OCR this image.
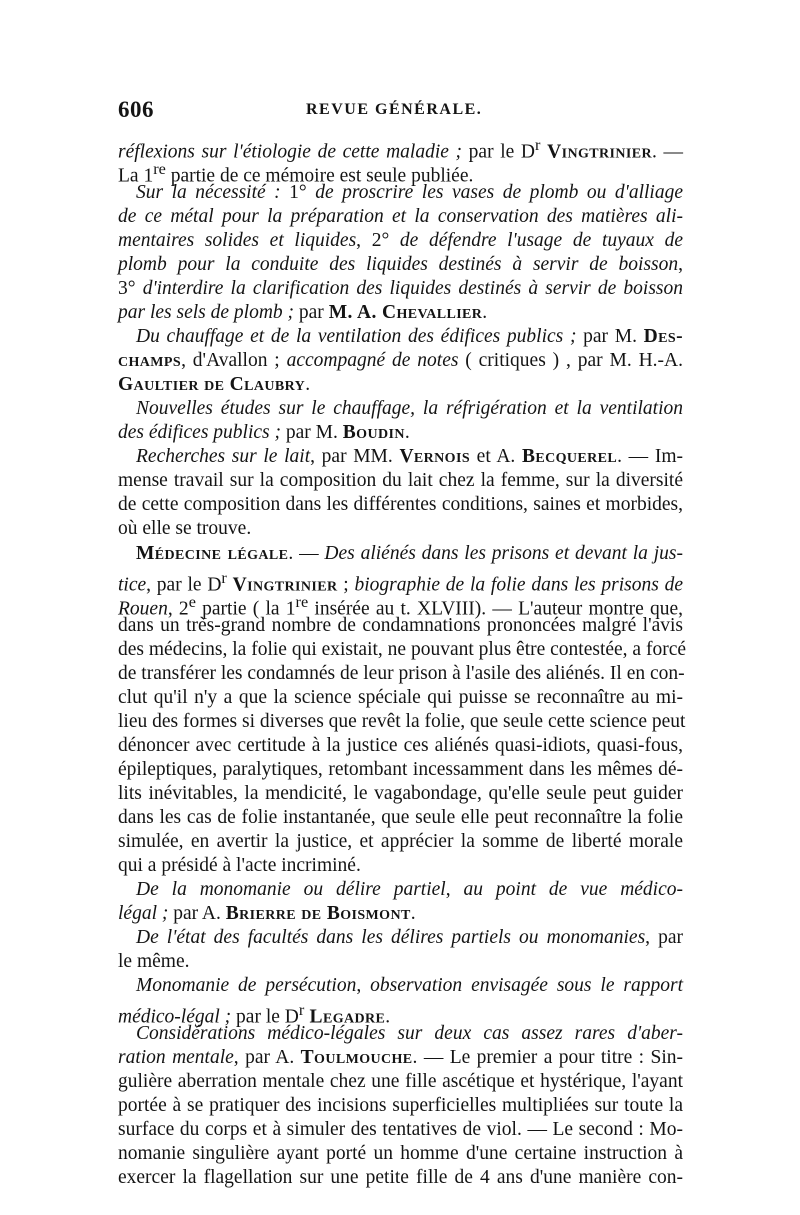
606	REVUE GÉNÉRALE.
réflexions sur l'étiologie de cette maladie ; par le $D^r$ Vingtrinier. —
La 1re partie de ce mémoire est seule publiée.
Sur la nécessité : 1° de proscrire les vases de plomb ou d'alliage
de ce métal pour la préparation et la conservation des matières ali-
mentaires solides et liquides, 2° de défendre l'usage de tuyaux de
plomb pour la conduite des liquides destinés à servir de boisson,
3° d'interdire la clarification des liquides destinés à servir de boisson
par les sels de plomb ; par M. A. Chevallier.
Du chauffage et de la ventilation des édifices publics ; par M. Des-
champs, d'Avallon ; accompagné de notes ( critiques ) , par M. H.-A.
Gaultier de Claubry.
Nouvelles études sur le chauffage, la réfrigération et la ventilation
des édifices publics ; par M. Boudin.
Recherches sur le lait, par MM. Vernois et A. Becquerel. — Im-
mense travail sur la composition du lait chez la femme, sur la diversité
de cette composition dans les différentes conditions, saines et morbides,
où elle se trouve.
Médecine légale. — Des aliénés dans les prisons et devant la jus-
tice, par le $D^r$ Vingtrinier ; biographie de la folie dans les prisons de
Rouen, 2e partie ( la 1re insérée au t. XLVIII). — L'auteur montre que,
dans un très-grand nombre de condamnations prononcées malgré l'avis
des médecins, la folie qui existait, ne pouvant plus être contestée, a forcé
de transférer les condamnés de leur prison à l'asile des aliénés. Il en con-
clut qu'il n'y a que la science spéciale qui puisse se reconnaître au mi-
lieu des formes si diverses que revêt la folie, que seule cette science peut
dénoncer avec certitude à la justice ces aliénés quasi-idiots, quasi-fous,
épileptiques, paralytiques, retombant incessamment dans les mêmes dé-
lits inévitables, la mendicité, le vagabondage, qu'elle seule peut guider
dans les cas de folie instantanée, que seule elle peut reconnaître la folie
simulée, en avertir la justice, et apprécier la somme de liberté morale
qui a présidé à l'acte incriminé.
De la monomanie ou délire partiel, au point de vue médico-
légal ; par A. Brierre de Boismont.
De l'état des facultés dans les délires partiels ou monomanies, par
le même.
Monomanie de persécution, observation envisagée sous le rapport
médico-légal ; par le $D^r$ Legadre.
Considérations médico-légales sur deux cas assez rares d'aber-
ration mentale, par A. Toulmouche. — Le premier a pour titre : Sin-
gulière aberration mentale chez une fille ascétique et hystérique, l'ayant
portée à se pratiquer des incisions superficielles multipliées sur toute la
surface du corps et à simuler des tentatives de viol. — Le second : Mo-
nomanie singulière ayant porté un homme d'une certaine instruction à
exercer la flagellation sur une petite fille de 4 ans d'une manière con-
